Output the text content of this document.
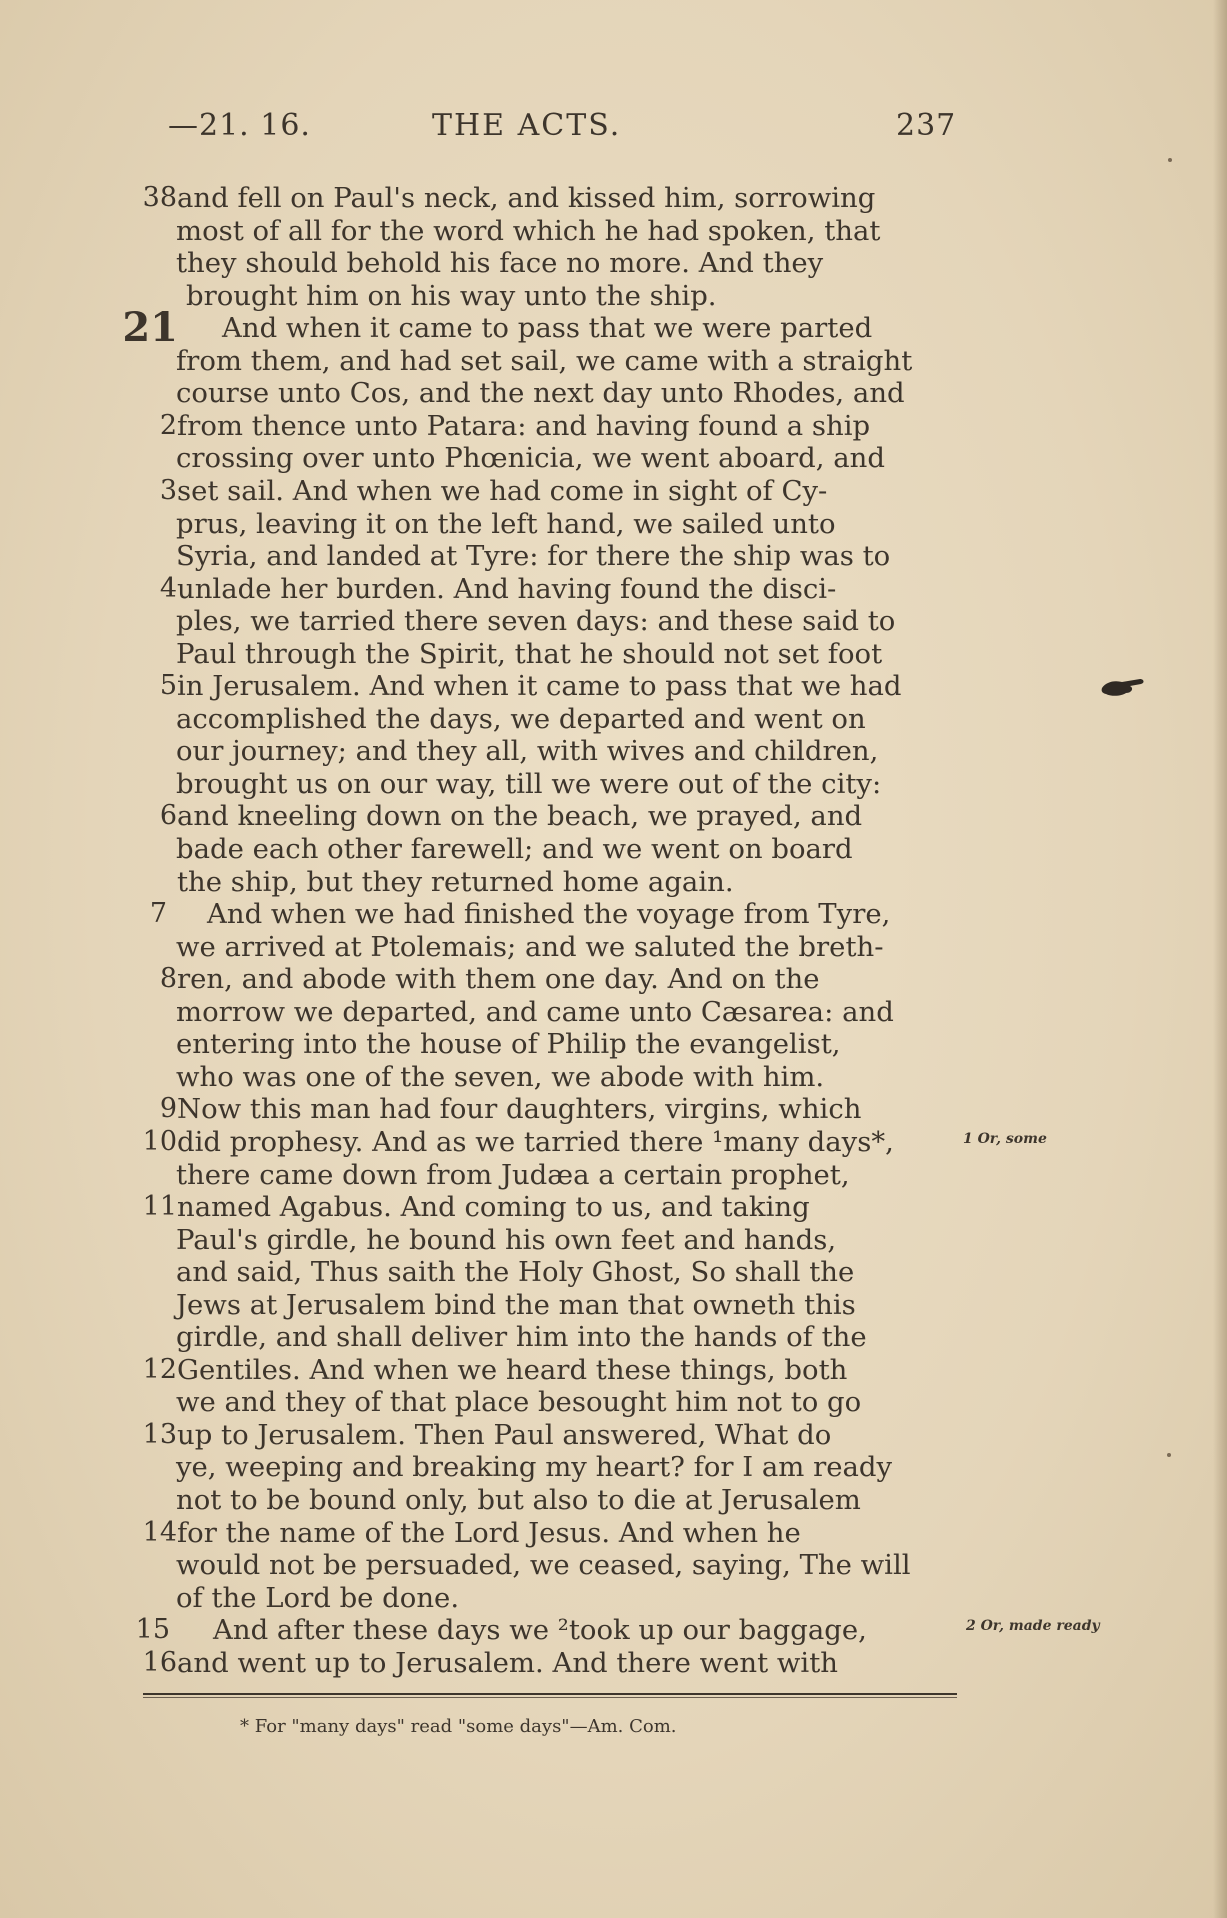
—21. 16.	THE ACTS.	237
38 and fell on Paul's neck, and kissed him, sorrowing
most of all for the word which he had spoken, that
they should behold his face no more. And they
brought him on his way unto the ship.
21 And when it came to pass that we were parted
from them, and had set sail, we came with a straight
course unto Cos, and the next day unto Rhodes, and
2 from thence unto Patara: and having found a ship
crossing over unto Phœnicia, we went aboard, and
3 set sail. And when we had come in sight of Cy-
prus, leaving it on the left hand, we sailed unto
Syria, and landed at Tyre: for there the ship was to
4 unlade her burden. And having found the disci-
ples, we tarried there seven days: and these said to
Paul through the Spirit, that he should not set foot
5 in Jerusalem. And when it came to pass that we had
accomplished the days, we departed and went on
our journey; and they all, with wives and children,
brought us on our way, till we were out of the city:
6 and kneeling down on the beach, we prayed, and
bade each other farewell; and we went on board
the ship, but they returned home again.
7 And when we had finished the voyage from Tyre,
we arrived at Ptolemais; and we saluted the breth-
8 ren, and abode with them one day. And on the
morrow we departed, and came unto Cæsarea: and
entering into the house of Philip the evangelist,
who was one of the seven, we abode with him.
9 Now this man had four daughters, virgins, which
10 did prophesy. And as we tarried there ¹many days*,
there came down from Judæa a certain prophet,
11 named Agabus. And coming to us, and taking
Paul's girdle, he bound his own feet and hands,
and said, Thus saith the Holy Ghost, So shall the
Jews at Jerusalem bind the man that owneth this
girdle, and shall deliver him into the hands of the
12 Gentiles. And when we heard these things, both
we and they of that place besought him not to go
13 up to Jerusalem. Then Paul answered, What do
ye, weeping and breaking my heart? for I am ready
not to be bound only, but also to die at Jerusalem
14 for the name of the Lord Jesus. And when he
would not be persuaded, we ceased, saying, The will
of the Lord be done.
15 And after these days we ²took up our baggage,
16 and went up to Jerusalem. And there went with
1 Or, some
2 Or, made ready
* For "many days" read "some days"—Am. Com.
